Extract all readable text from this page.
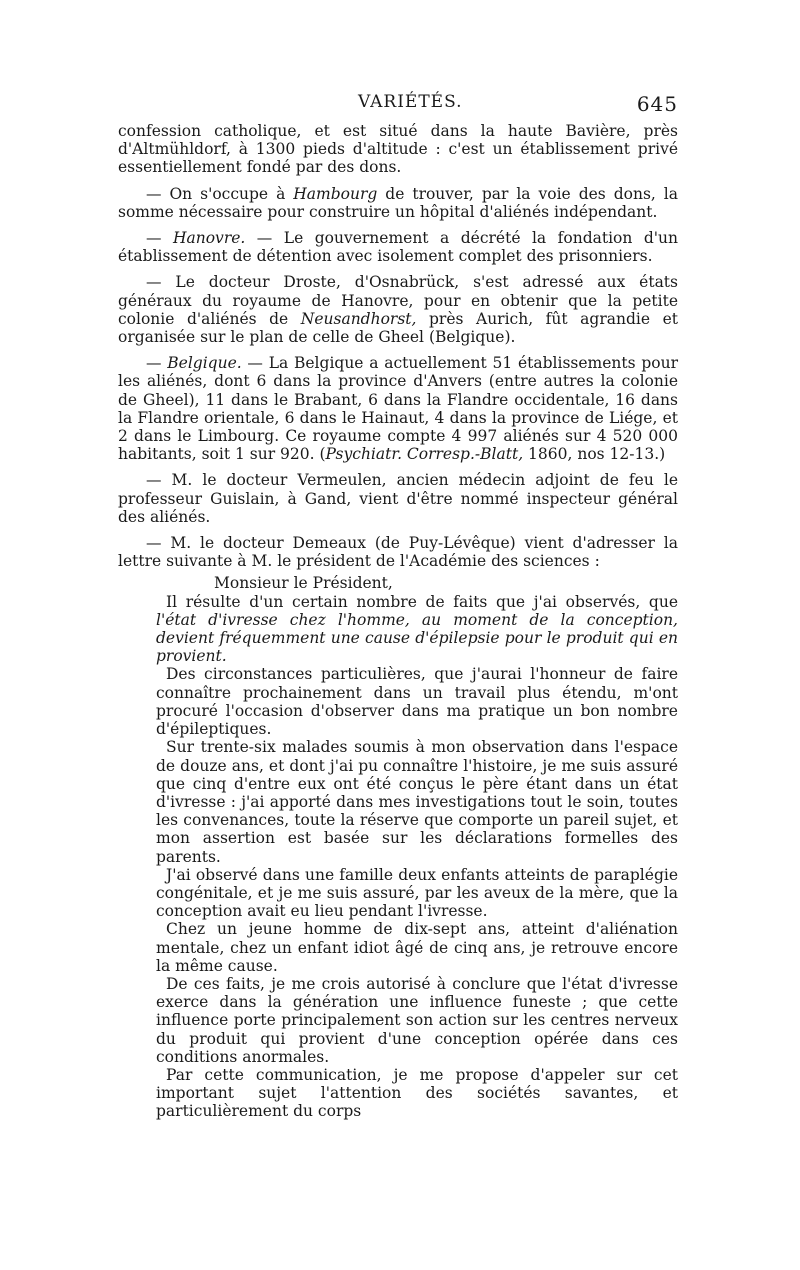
VARIÉTÉS.	645

confession catholique, et est situé dans la haute Bavière, près d'Altmühldorf, à 1300 pieds d'altitude : c'est un établissement privé essentiellement fondé par des dons.

— On s'occupe à Hambourg de trouver, par la voie des dons, la somme nécessaire pour construire un hôpital d'aliénés indépendant.

— Hanovre. — Le gouvernement a décrété la fondation d'un établissement de détention avec isolement complet des prisonniers.

— Le docteur Droste, d'Osnabrück, s'est adressé aux états généraux du royaume de Hanovre, pour en obtenir que la petite colonie d'aliénés de Neusandhorst, près Aurich, fût agrandie et organisée sur le plan de celle de Gheel (Belgique).

— Belgique. — La Belgique a actuellement 51 établissements pour les aliénés, dont 6 dans la province d'Anvers (entre autres la colonie de Gheel), 11 dans le Brabant, 6 dans la Flandre occidentale, 16 dans la Flandre orientale, 6 dans le Hainaut, 4 dans la province de Liége, et 2 dans le Limbourg. Ce royaume compte 4 997 aliénés sur 4 520 000 habitants, soit 1 sur 920. (Psychiatr. Corresp.-Blatt, 1860, nos 12-13.)

— M. le docteur Vermeulen, ancien médecin adjoint de feu le professeur Guislain, à Gand, vient d'être nommé inspecteur général des aliénés.

— M. le docteur Demeaux (de Puy-Lévêque) vient d'adresser la lettre suivante à M. le président de l'Académie des sciences :

Monsieur le Président,

Il résulte d'un certain nombre de faits que j'ai observés, que l'état d'ivresse chez l'homme, au moment de la conception, devient fréquemment une cause d'épilepsie pour le produit qui en provient.

Des circonstances particulières, que j'aurai l'honneur de faire connaître prochainement dans un travail plus étendu, m'ont procuré l'occasion d'observer dans ma pratique un bon nombre d'épileptiques.

Sur trente-six malades soumis à mon observation dans l'espace de douze ans, et dont j'ai pu connaître l'histoire, je me suis assuré que cinq d'entre eux ont été conçus le père étant dans un état d'ivresse : j'ai apporté dans mes investigations tout le soin, toutes les convenances, toute la réserve que comporte un pareil sujet, et mon assertion est basée sur les déclarations formelles des parents.

J'ai observé dans une famille deux enfants atteints de paraplégie congénitale, et je me suis assuré, par les aveux de la mère, que la conception avait eu lieu pendant l'ivresse.

Chez un jeune homme de dix-sept ans, atteint d'aliénation mentale, chez un enfant idiot âgé de cinq ans, je retrouve encore la même cause.

De ces faits, je me crois autorisé à conclure que l'état d'ivresse exerce dans la génération une influence funeste ; que cette influence porte principalement son action sur les centres nerveux du produit qui provient d'une conception opérée dans ces conditions anormales.

Par cette communication, je me propose d'appeler sur cet important sujet l'attention des sociétés savantes, et particulièrement du corps
